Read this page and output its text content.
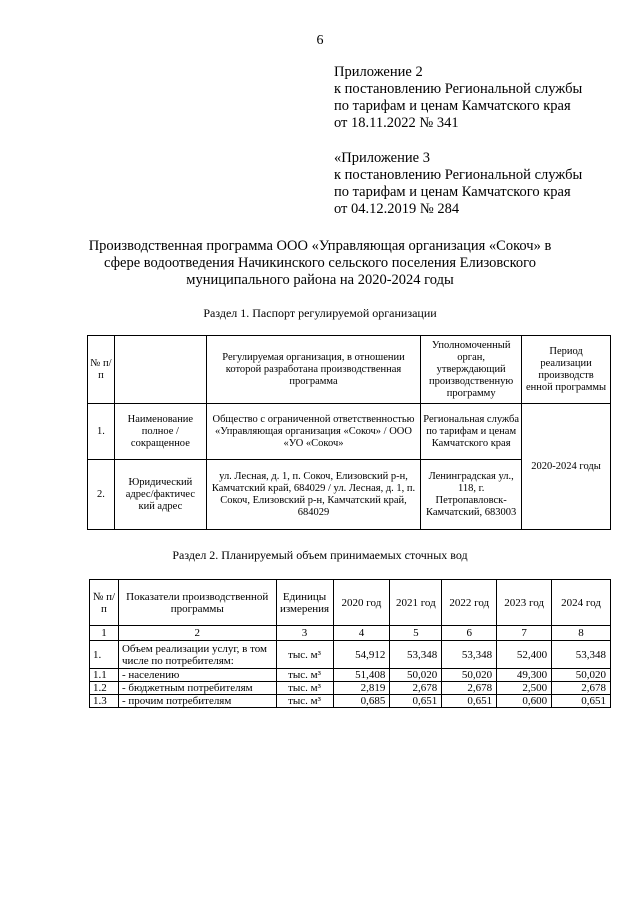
6
Приложение 2
к постановлению Региональной службы
по тарифам и ценам Камчатского края
от 18.11.2022 № 341
«Приложение 3
к постановлению Региональной службы
по тарифам и ценам Камчатского края
от 04.12.2019 № 284
Производственная программа ООО «Управляющая организация «Сокоч» в
сфере водоотведения Начикинского сельского поселения Елизовского
муниципального района на 2020-2024 годы
Раздел 1. Паспорт регулируемой организации
№ п/п		Регулируемая организация, в отношении которой разработана производственная программа	Уполномоченный орган, утверждающий производственную программу	Период реализации производств енной программы
1.	Наименование полное / сокращенное	Общество с ограниченной ответственностью «Управляющая организация «Сокоч» / ООО «УО «Сокоч»	Региональная служба по тарифам и ценам Камчатского края	2020-2024 годы
2.	Юридический адрес/фактичес кий адрес	ул. Лесная, д. 1, п. Сокоч, Елизовский р-н, Камчатский край, 684029 / ул. Лесная, д. 1, п. Сокоч, Елизовский р-н, Камчатский край, 684029	Ленинградская ул., 118, г. Петропавловск-Камчатский, 683003	
Раздел 2. Планируемый объем принимаемых сточных вод
№ п/п	Показатели производственной программы	Единицы измерения	2020 год	2021 год	2022 год	2023 год	2024 год
1	2	3	4	5	6	7	8
1.	Объем реализации услуг, в том числе по потребителям:	тыс. м³	54,912	53,348	53,348	52,400	53,348
1.1	- населению	тыс. м³	51,408	50,020	50,020	49,300	50,020
1.2	- бюджетным потребителям	тыс. м³	2,819	2,678	2,678	2,500	2,678
1.3	- прочим потребителям	тыс. м³	0,685	0,651	0,651	0,600	0,651
